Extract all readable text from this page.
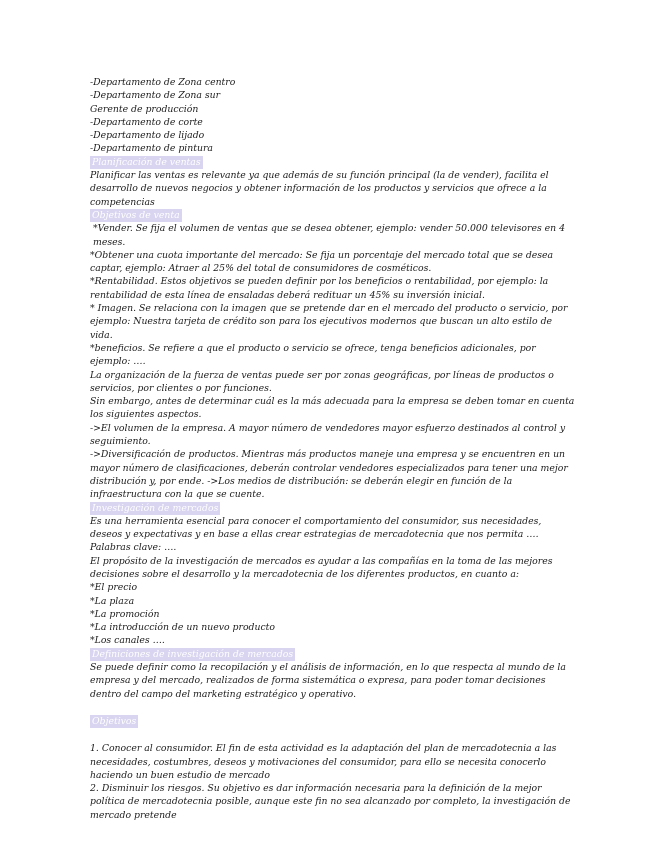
-Departamento de Zona centro
-Departamento de Zona sur
Gerente de producción
-Departamento de corte
-Departamento de lijado
-Departamento de pintura
Planificación de ventas
Planificar las ventas es relevante ya que además de su función principal (la de vender), facilita el desarrollo de nuevos negocios y obtener información de los productos y servicios que ofrece a la competencias
Objetivos de venta
*Vender. Se fija el volumen de ventas que se desea obtener, ejemplo: vender 50.000 televisores en 4 meses.
*Obtener una cuota importante del mercado: Se fija un porcentaje del mercado total que se desea captar, ejemplo: Atraer al 25% del total de consumidores de cosméticos.
*Rentabilidad. Estos objetivos se pueden definir por los beneficios o rentabilidad, por ejemplo: la rentabilidad de esta línea de ensaladas deberá redituar un 45% su inversión inicial.
* Imagen. Se relaciona con la imagen que se pretende dar en el mercado del producto o servicio, por ejemplo: Nuestra tarjeta de crédito son para los ejecutivos modernos que buscan un alto estilo de vida.
*beneficios. Se refiere a que el producto o servicio se ofrece, tenga beneficios adicionales, por ejemplo: ….
La organización de la fuerza de ventas puede ser por zonas geográficas, por líneas de productos o servicios, por clientes o por funciones.
Sin embargo, antes de determinar cuál es la más adecuada para la empresa se deben tomar en cuenta los siguientes aspectos.
->El volumen de la empresa. A mayor número de vendedores mayor esfuerzo destinados al control y seguimiento.
->Diversificación de productos. Mientras más productos maneje una empresa y se encuentren en un mayor número de clasificaciones, deberán controlar vendedores especializados para tener una mejor distribución y, por ende. ->Los medios de distribución: se deberán elegir en función de la infraestructura con la que se cuente.
Investigación de mercados
Es una herramienta esencial para conocer el comportamiento del consumidor, sus necesidades, deseos y expectativas y en base a ellas crear estrategias de mercadotecnia que nos permita ….
Palabras clave: ….
El propósito de la investigación de mercados es ayudar a las compañías en la toma de las mejores decisiones sobre el desarrollo y la mercadotecnia de los diferentes productos, en cuanto a:
*El precio
*La plaza
*La promoción
*La introducción de un nuevo producto
*Los canales ….
Definiciones de investigación de mercados
Se puede definir como la recopilación y el análisis de información, en lo que respecta al mundo de la empresa y del mercado, realizados de forma sistemática o expresa, para poder tomar decisiones dentro del campo del marketing estratégico y operativo.
Objetivos
1. Conocer al consumidor. El fin de esta actividad es la adaptación del plan de mercadotecnia a las necesidades, costumbres, deseos y motivaciones del consumidor, para ello se necesita conocerlo haciendo un buen estudio de mercado
2. Disminuir los riesgos. Su objetivo es dar información necesaria para la definición de la mejor política de mercadotecnia posible, aunque este fin no sea alcanzado por completo, la investigación de mercado pretende
